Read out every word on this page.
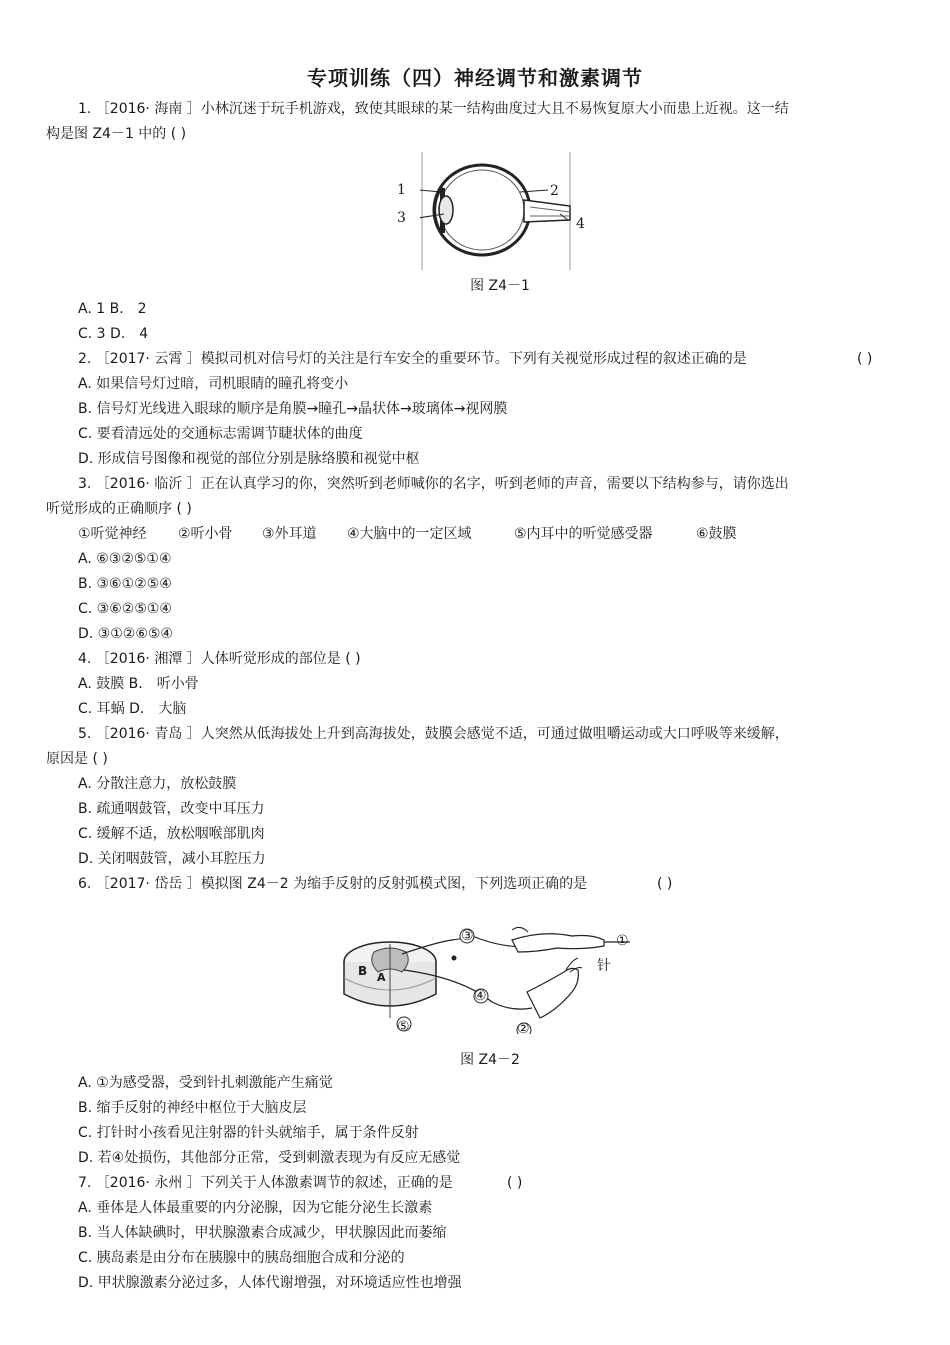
专项训练（四）神经调节和激素调节
1. ［2016· 海南 ］小林沉迷于玩手机游戏，致使其眼球的某一结构曲度过大且不易恢复原大小而患上近视。这一结
构是图 Z4－1 中的 ( )
1	2
3	4
图 Z4－1
A. 1 B． 2
C. 3 D． 4
2. ［2017· 云霄 ］模拟司机对信号灯的关注是行车安全的重要环节。下列有关视觉形成过程的叙述正确的是	( )
A. 如果信号灯过暗，司机眼睛的瞳孔将变小
B. 信号灯光线进入眼球的顺序是角膜→瞳孔→晶状体→玻璃体→视网膜
C. 要看清远处的交通标志需调节睫状体的曲度
D. 形成信号图像和视觉的部位分别是脉络膜和视觉中枢
3. ［2016· 临沂 ］正在认真学习的你，突然听到老师喊你的名字，听到老师的声音，需要以下结构参与，请你选出
听觉形成的正确顺序 ( )
①听觉神经 ②听小骨 ③外耳道 ④大脑中的一定区域	⑤内耳中的听觉感受器	⑥鼓膜
A. ⑥③②⑤①④
B. ③⑥①②⑤④
C. ③⑥②⑤①④
D. ③①②⑥⑤④
4. ［2016· 湘潭 ］人体听觉形成的部位是 ( )
A. 鼓膜 B． 听小骨
C. 耳蜗 D． 大脑
5. ［2016· 青岛 ］人突然从低海拔处上升到高海拔处，鼓膜会感觉不适，可通过做咀嚼运动或大口呼吸等来缓解，
原因是 ( )
A. 分散注意力，放松鼓膜
B. 疏通咽鼓管，改变中耳压力
C. 缓解不适，放松咽喉部肌肉
D. 关闭咽鼓管，减小耳腔压力
6. ［2017· 岱岳 ］模拟图 Z4－2 为缩手反射的反射弧模式图，下列选项正确的是	( )
③	①
针
B A
④
⑤	②
图 Z4－2
A. ①为感受器，受到针扎刺激能产生痛觉
B. 缩手反射的神经中枢位于大脑皮层
C. 打针时小孩看见注射器的针头就缩手，属于条件反射
D. 若④处损伤，其他部分正常，受到刺激表现为有反应无感觉
7. ［2016· 永州 ］下列关于人体激素调节的叙述，正确的是	( )
A. 垂体是人体最重要的内分泌腺，因为它能分泌生长激素
B. 当人体缺碘时，甲状腺激素合成减少，甲状腺因此而萎缩
C. 胰岛素是由分布在胰腺中的胰岛细胞合成和分泌的
D. 甲状腺激素分泌过多，人体代谢增强，对环境适应性也增强
